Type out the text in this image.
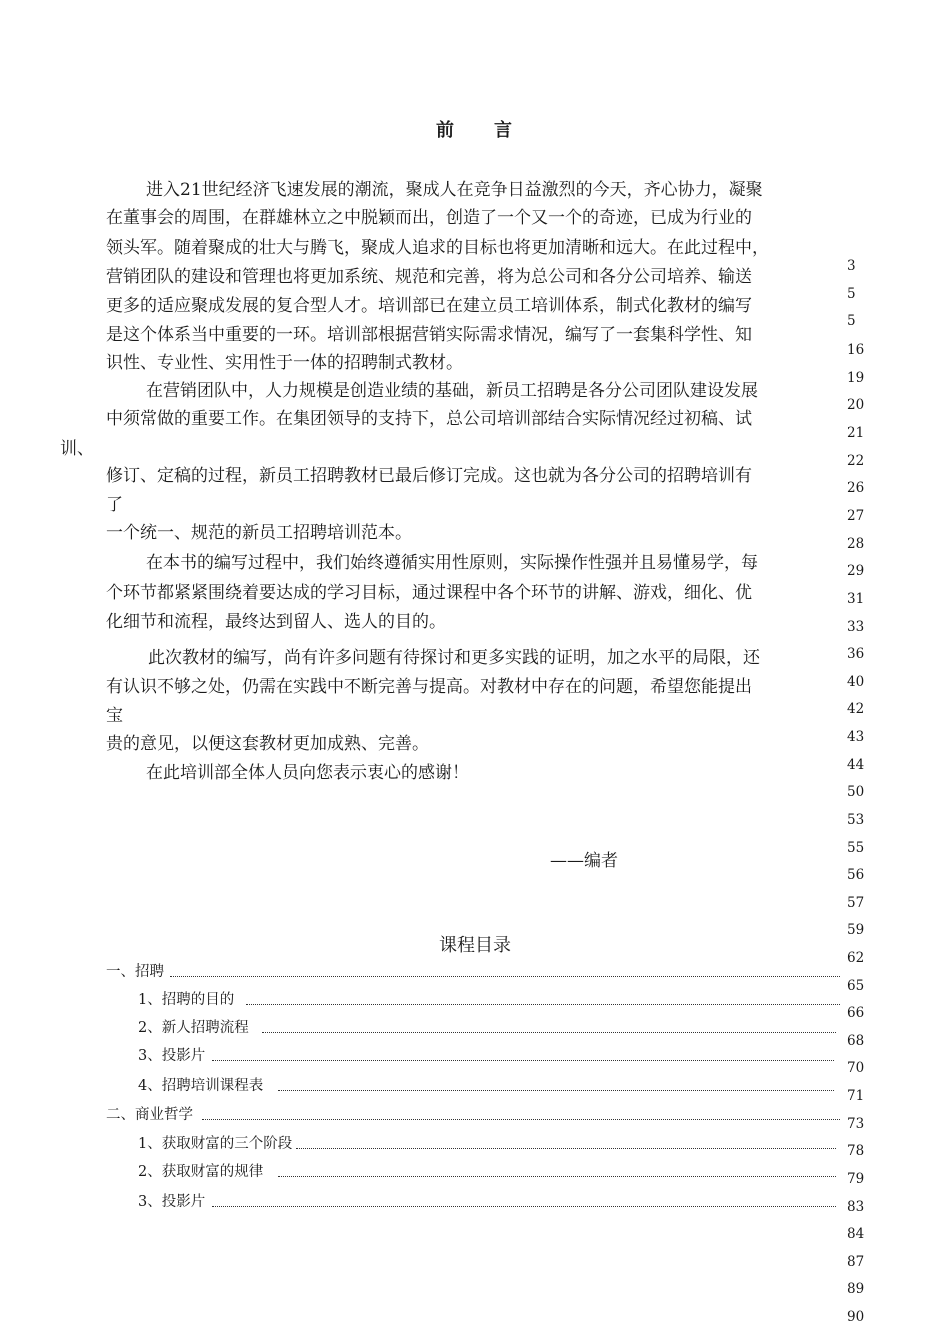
前 言
进入21世纪经济飞速发展的潮流，聚成人在竞争日益激烈的今天，齐心协力，凝聚
在董事会的周围，在群雄林立之中脱颖而出，创造了一个又一个的奇迹，已成为行业的
领头军。随着聚成的壮大与腾飞，聚成人追求的目标也将更加清晰和远大。在此过程中，
营销团队的建设和管理也将更加系统、规范和完善，将为总公司和各分公司培养、输送
更多的适应聚成发展的复合型人才。培训部已在建立员工培训体系，制式化教材的编写
是这个体系当中重要的一环。培训部根据营销实际需求情况，编写了一套集科学性、知
识性、专业性、实用性于一体的招聘制式教材。
在营销团队中，人力规模是创造业绩的基础，新员工招聘是各分公司团队建设发展
中须常做的重要工作。在集团领导的支持下，总公司培训部结合实际情况经过初稿、试
训、
修订、定稿的过程，新员工招聘教材已最后修订完成。这也就为各分公司的招聘培训有
了
一个统一、规范的新员工招聘培训范本。
在本书的编写过程中，我们始终遵循实用性原则，实际操作性强并且易懂易学，每
个环节都紧紧围绕着要达成的学习目标，通过课程中各个环节的讲解、游戏，细化、优
化细节和流程，最终达到留人、选人的目的。
此次教材的编写，尚有许多问题有待探讨和更多实践的证明，加之水平的局限，还
有认识不够之处，仍需在实践中不断完善与提高。对教材中存在的问题，希望您能提出
宝
贵的意见，以便这套教材更加成熟、完善。
在此培训部全体人员向您表示衷心的感谢！
——编者
课程目录
一、招聘
1、招聘的目的
2、新人招聘流程
3、投影片
4、招聘培训课程表
二、商业哲学
1、获取财富的三个阶段
2、获取财富的规律
3、投影片
3
5
5
16
19
20
21
22
26
27
28
29
31
33
36
40
42
43
44
50
53
55
56
57
59
62
65
66
68
70
71
73
78
79
83
84
87
89
90
